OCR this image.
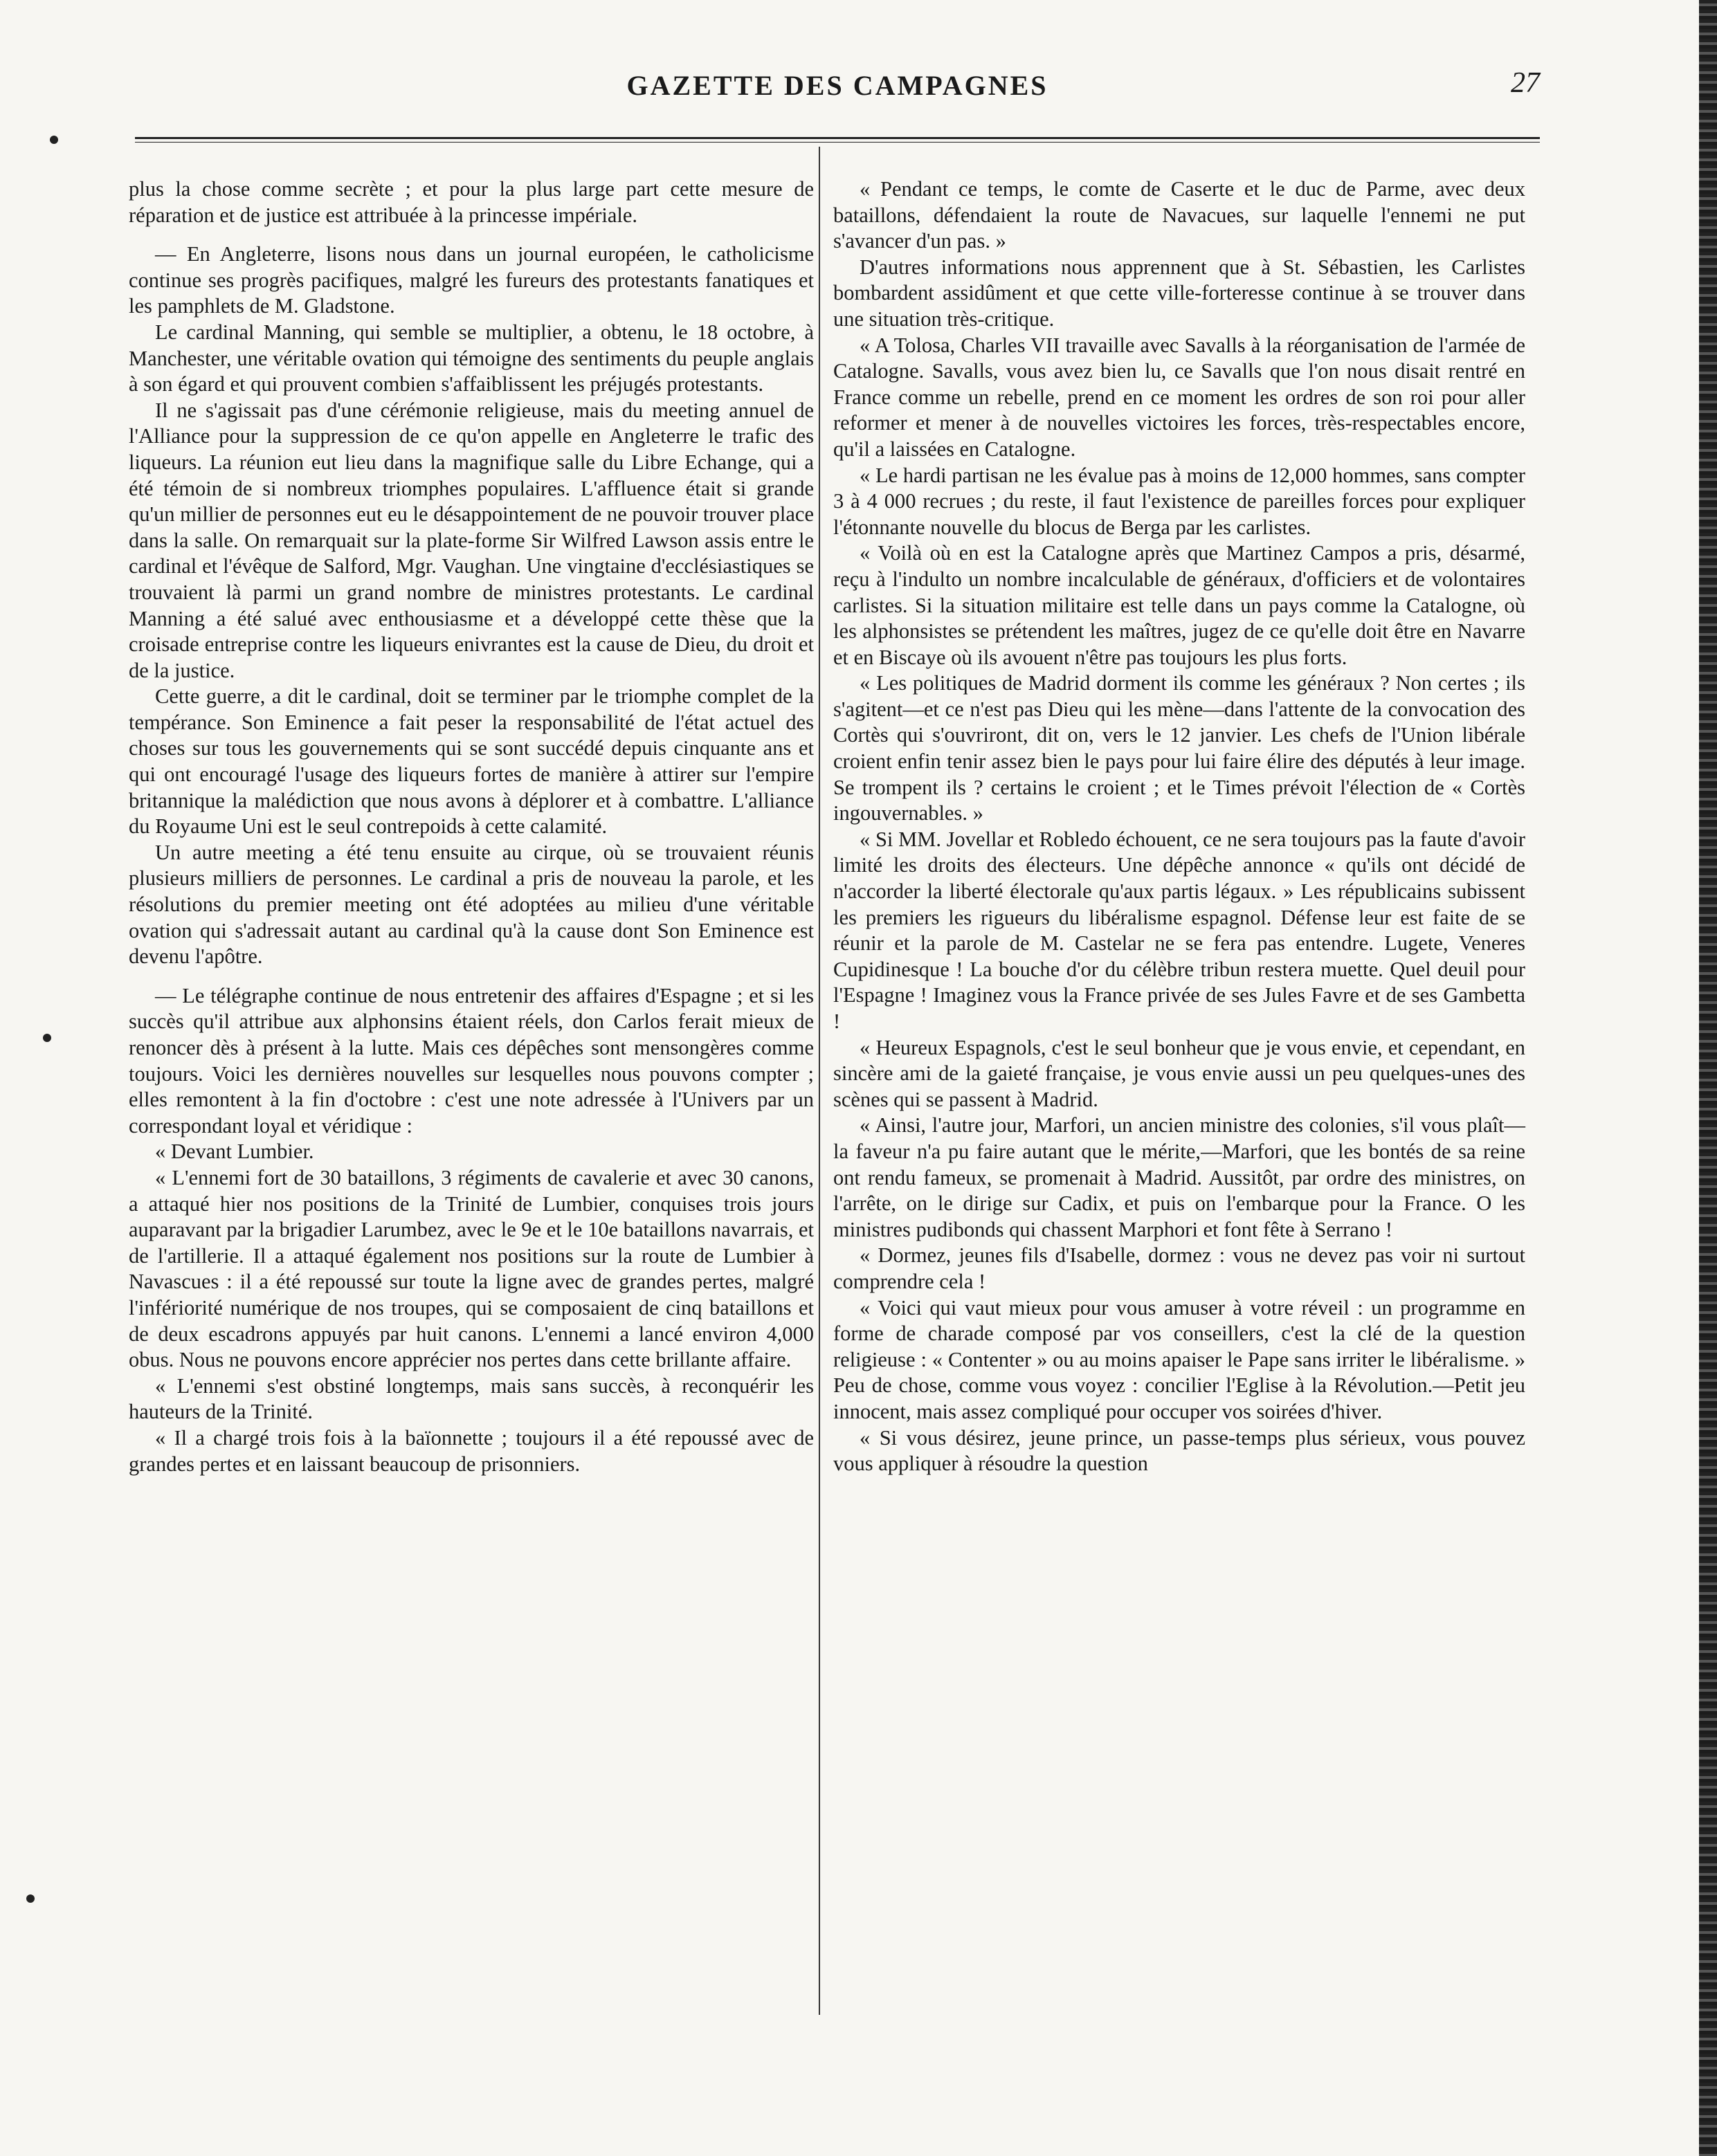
GAZETTE DES CAMPAGNES	27

plus la chose comme secrète ; et pour la plus large part cette mesure de réparation et de justice est attribuée à la princesse impériale.

— En Angleterre, lisons nous dans un journal européen, le catholicisme continue ses progrès pacifiques, malgré les fureurs des protestants fanatiques et les pamphlets de M. Gladstone.

Le cardinal Manning, qui semble se multiplier, a obtenu, le 18 octobre, à Manchester, une véritable ovation qui témoigne des sentiments du peuple anglais à son égard et qui prouvent combien s'affaiblissent les préjugés protestants.

Il ne s'agissait pas d'une cérémonie religieuse, mais du meeting annuel de l'Alliance pour la suppression de ce qu'on appelle en Angleterre le trafic des liqueurs. La réunion eut lieu dans la magnifique salle du Libre Echange, qui a été témoin de si nombreux triomphes populaires. L'affluence était si grande qu'un millier de personnes eut eu le désappointement de ne pouvoir trouver place dans la salle. On remarquait sur la plate-forme Sir Wilfred Lawson assis entre le cardinal et l'évêque de Salford, Mgr. Vaughan. Une vingtaine d'ecclésiastiques se trouvaient là parmi un grand nombre de ministres protestants. Le cardinal Manning a été salué avec enthousiasme et a développé cette thèse que la croisade entreprise contre les liqueurs enivrantes est la cause de Dieu, du droit et de la justice.

Cette guerre, a dit le cardinal, doit se terminer par le triomphe complet de la tempérance. Son Eminence a fait peser la responsabilité de l'état actuel des choses sur tous les gouvernements qui se sont succédé depuis cinquante ans et qui ont encouragé l'usage des liqueurs fortes de manière à attirer sur l'empire britannique la malédiction que nous avons à déplorer et à combattre. L'alliance du Royaume Uni est le seul contrepoids à cette calamité.

Un autre meeting a été tenu ensuite au cirque, où se trouvaient réunis plusieurs milliers de personnes. Le cardinal a pris de nouveau la parole, et les résolutions du premier meeting ont été adoptées au milieu d'une véritable ovation qui s'adressait autant au cardinal qu'à la cause dont Son Eminence est devenu l'apôtre.

— Le télégraphe continue de nous entretenir des affaires d'Espagne ; et si les succès qu'il attribue aux alphonsins étaient réels, don Carlos ferait mieux de renoncer dès à présent à la lutte. Mais ces dépêches sont mensongères comme toujours. Voici les dernières nouvelles sur lesquelles nous pouvons compter ; elles remontent à la fin d'octobre : c'est une note adressée à l'Univers par un correspondant loyal et véridique :

« Devant Lumbier.

« L'ennemi fort de 30 bataillons, 3 régiments de cavalerie et avec 30 canons, a attaqué hier nos positions de la Trinité de Lumbier, conquises trois jours auparavant par la brigadier Larumbez, avec le 9e et le 10e bataillons navarrais, et de l'artillerie. Il a attaqué également nos positions sur la route de Lumbier à Navascues : il a été repoussé sur toute la ligne avec de grandes pertes, malgré l'infériorité numérique de nos troupes, qui se composaient de cinq bataillons et de deux escadrons appuyés par huit canons. L'ennemi a lancé environ 4,000 obus. Nous ne pouvons encore apprécier nos pertes dans cette brillante affaire.

« L'ennemi s'est obstiné longtemps, mais sans succès, à reconquérir les hauteurs de la Trinité.

« Il a chargé trois fois à la baïonnette ; toujours il a été repoussé avec de grandes pertes et en laissant beaucoup de prisonniers.

« Pendant ce temps, le comte de Caserte et le duc de Parme, avec deux bataillons, défendaient la route de Navacues, sur laquelle l'ennemi ne put s'avancer d'un pas. »

D'autres informations nous apprennent que à St. Sébastien, les Carlistes bombardent assidûment et que cette ville-forteresse continue à se trouver dans une situation très-critique.

« A Tolosa, Charles VII travaille avec Savalls à la réorganisation de l'armée de Catalogne. Savalls, vous avez bien lu, ce Savalls que l'on nous disait rentré en France comme un rebelle, prend en ce moment les ordres de son roi pour aller reformer et mener à de nouvelles victoires les forces, très-respectables encore, qu'il a laissées en Catalogne.

« Le hardi partisan ne les évalue pas à moins de 12,000 hommes, sans compter 3 à 4 000 recrues ; du reste, il faut l'existence de pareilles forces pour expliquer l'étonnante nouvelle du blocus de Berga par les carlistes.

« Voilà où en est la Catalogne après que Martinez Campos a pris, désarmé, reçu à l'indulto un nombre incalculable de généraux, d'officiers et de volontaires carlistes. Si la situation militaire est telle dans un pays comme la Catalogne, où les alphonsistes se prétendent les maîtres, jugez de ce qu'elle doit être en Navarre et en Biscaye où ils avouent n'être pas toujours les plus forts.

« Les politiques de Madrid dorment ils comme les généraux ? Non certes ; ils s'agitent—et ce n'est pas Dieu qui les mène—dans l'attente de la convocation des Cortès qui s'ouvriront, dit on, vers le 12 janvier. Les chefs de l'Union libérale croient enfin tenir assez bien le pays pour lui faire élire des députés à leur image. Se trompent ils ? certains le croient ; et le Times prévoit l'élection de « Cortès ingouvernables. »

« Si MM. Jovellar et Robledo échouent, ce ne sera toujours pas la faute d'avoir limité les droits des électeurs. Une dépêche annonce « qu'ils ont décidé de n'accorder la liberté électorale qu'aux partis légaux. » Les républicains subissent les premiers les rigueurs du libéralisme espagnol. Défense leur est faite de se réunir et la parole de M. Castelar ne se fera pas entendre. Lugete, Veneres Cupidinesque ! La bouche d'or du célèbre tribun restera muette. Quel deuil pour l'Espagne ! Imaginez vous la France privée de ses Jules Favre et de ses Gambetta !

« Heureux Espagnols, c'est le seul bonheur que je vous envie, et cependant, en sincère ami de la gaieté française, je vous envie aussi un peu quelques-unes des scènes qui se passent à Madrid.

« Ainsi, l'autre jour, Marfori, un ancien ministre des colonies, s'il vous plaît—la faveur n'a pu faire autant que le mérite,—Marfori, que les bontés de sa reine ont rendu fameux, se promenait à Madrid. Aussitôt, par ordre des ministres, on l'arrête, on le dirige sur Cadix, et puis on l'embarque pour la France. O les ministres pudibonds qui chassent Marphori et font fête à Serrano !

« Dormez, jeunes fils d'Isabelle, dormez : vous ne devez pas voir ni surtout comprendre cela !

« Voici qui vaut mieux pour vous amuser à votre réveil : un programme en forme de charade composé par vos conseillers, c'est la clé de la question religieuse : « Contenter » ou au moins apaiser le Pape sans irriter le libéralisme. » Peu de chose, comme vous voyez : concilier l'Eglise à la Révolution.—Petit jeu innocent, mais assez compliqué pour occuper vos soirées d'hiver.

« Si vous désirez, jeune prince, un passe-temps plus sérieux, vous pouvez vous appliquer à résoudre la question
